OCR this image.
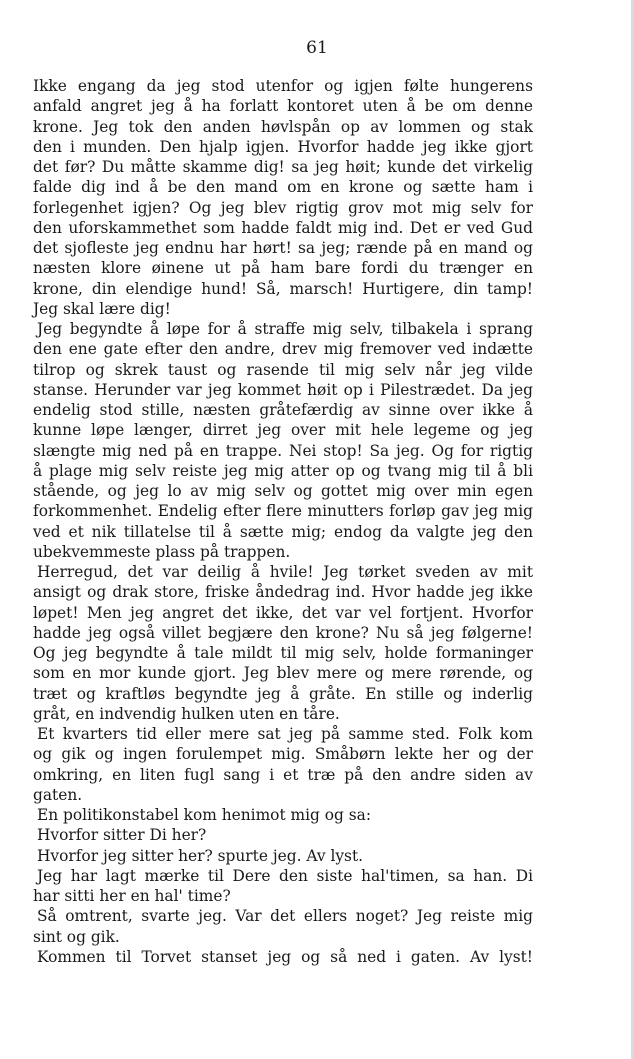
61
Ikke engang da jeg stod utenfor og igjen følte hungerens
anfald angret jeg å ha forlatt kontoret uten å be om denne
krone. Jeg tok den anden høvlspån op av lommen og stak
den i munden. Den hjalp igjen. Hvorfor hadde jeg ikke gjort
det før? Du måtte skamme dig! sa jeg høit; kunde det virkelig
falde dig ind å be den mand om en krone og sætte ham i
forlegenhet igjen? Og jeg blev rigtig grov mot mig selv for
den uforskammethet som hadde faldt mig ind. Det er ved Gud
det sjofleste jeg endnu har hørt! sa jeg; rænde på en mand og
næsten klore øinene ut på ham bare fordi du trænger en
krone, din elendige hund! Så, marsch! Hurtigere, din tamp!
Jeg skal lære dig!
Jeg begyndte å løpe for å straffe mig selv, tilbakela i sprang
den ene gate efter den andre, drev mig fremover ved indætte
tilrop og skrek taust og rasende til mig selv når jeg vilde
stanse. Herunder var jeg kommet høit op i Pilestrædet. Da jeg
endelig stod stille, næsten gråtefærdig av sinne over ikke å
kunne løpe længer, dirret jeg over mit hele legeme og jeg
slængte mig ned på en trappe. Nei stop! Sa jeg. Og for rigtig
å plage mig selv reiste jeg mig atter op og tvang mig til å bli
stående, og jeg lo av mig selv og gottet mig over min egen
forkommenhet. Endelig efter flere minutters forløp gav jeg mig
ved et nik tillatelse til å sætte mig; endog da valgte jeg den
ubekvemmeste plass på trappen.
Herregud, det var deilig å hvile! Jeg tørket sveden av mit
ansigt og drak store, friske åndedrag ind. Hvor hadde jeg ikke
løpet! Men jeg angret det ikke, det var vel fortjent. Hvorfor
hadde jeg også villet begjære den krone? Nu så jeg følgerne!
Og jeg begyndte å tale mildt til mig selv, holde formaninger
som en mor kunde gjort. Jeg blev mere og mere rørende, og
træt og kraftløs begyndte jeg å gråte. En stille og inderlig
gråt, en indvendig hulken uten en tåre.
Et kvarters tid eller mere sat jeg på samme sted. Folk kom
og gik og ingen forulempet mig. Småbørn lekte her og der
omkring, en liten fugl sang i et træ på den andre siden av
gaten.
En politikonstabel kom henimot mig og sa:
Hvorfor sitter Di her?
Hvorfor jeg sitter her? spurte jeg. Av lyst.
Jeg har lagt mærke til Dere den siste hal'timen, sa han. Di
har sitti her en hal' time?
Så omtrent, svarte jeg. Var det ellers noget? Jeg reiste mig
sint og gik.
Kommen til Torvet stanset jeg og så ned i gaten. Av lyst!
